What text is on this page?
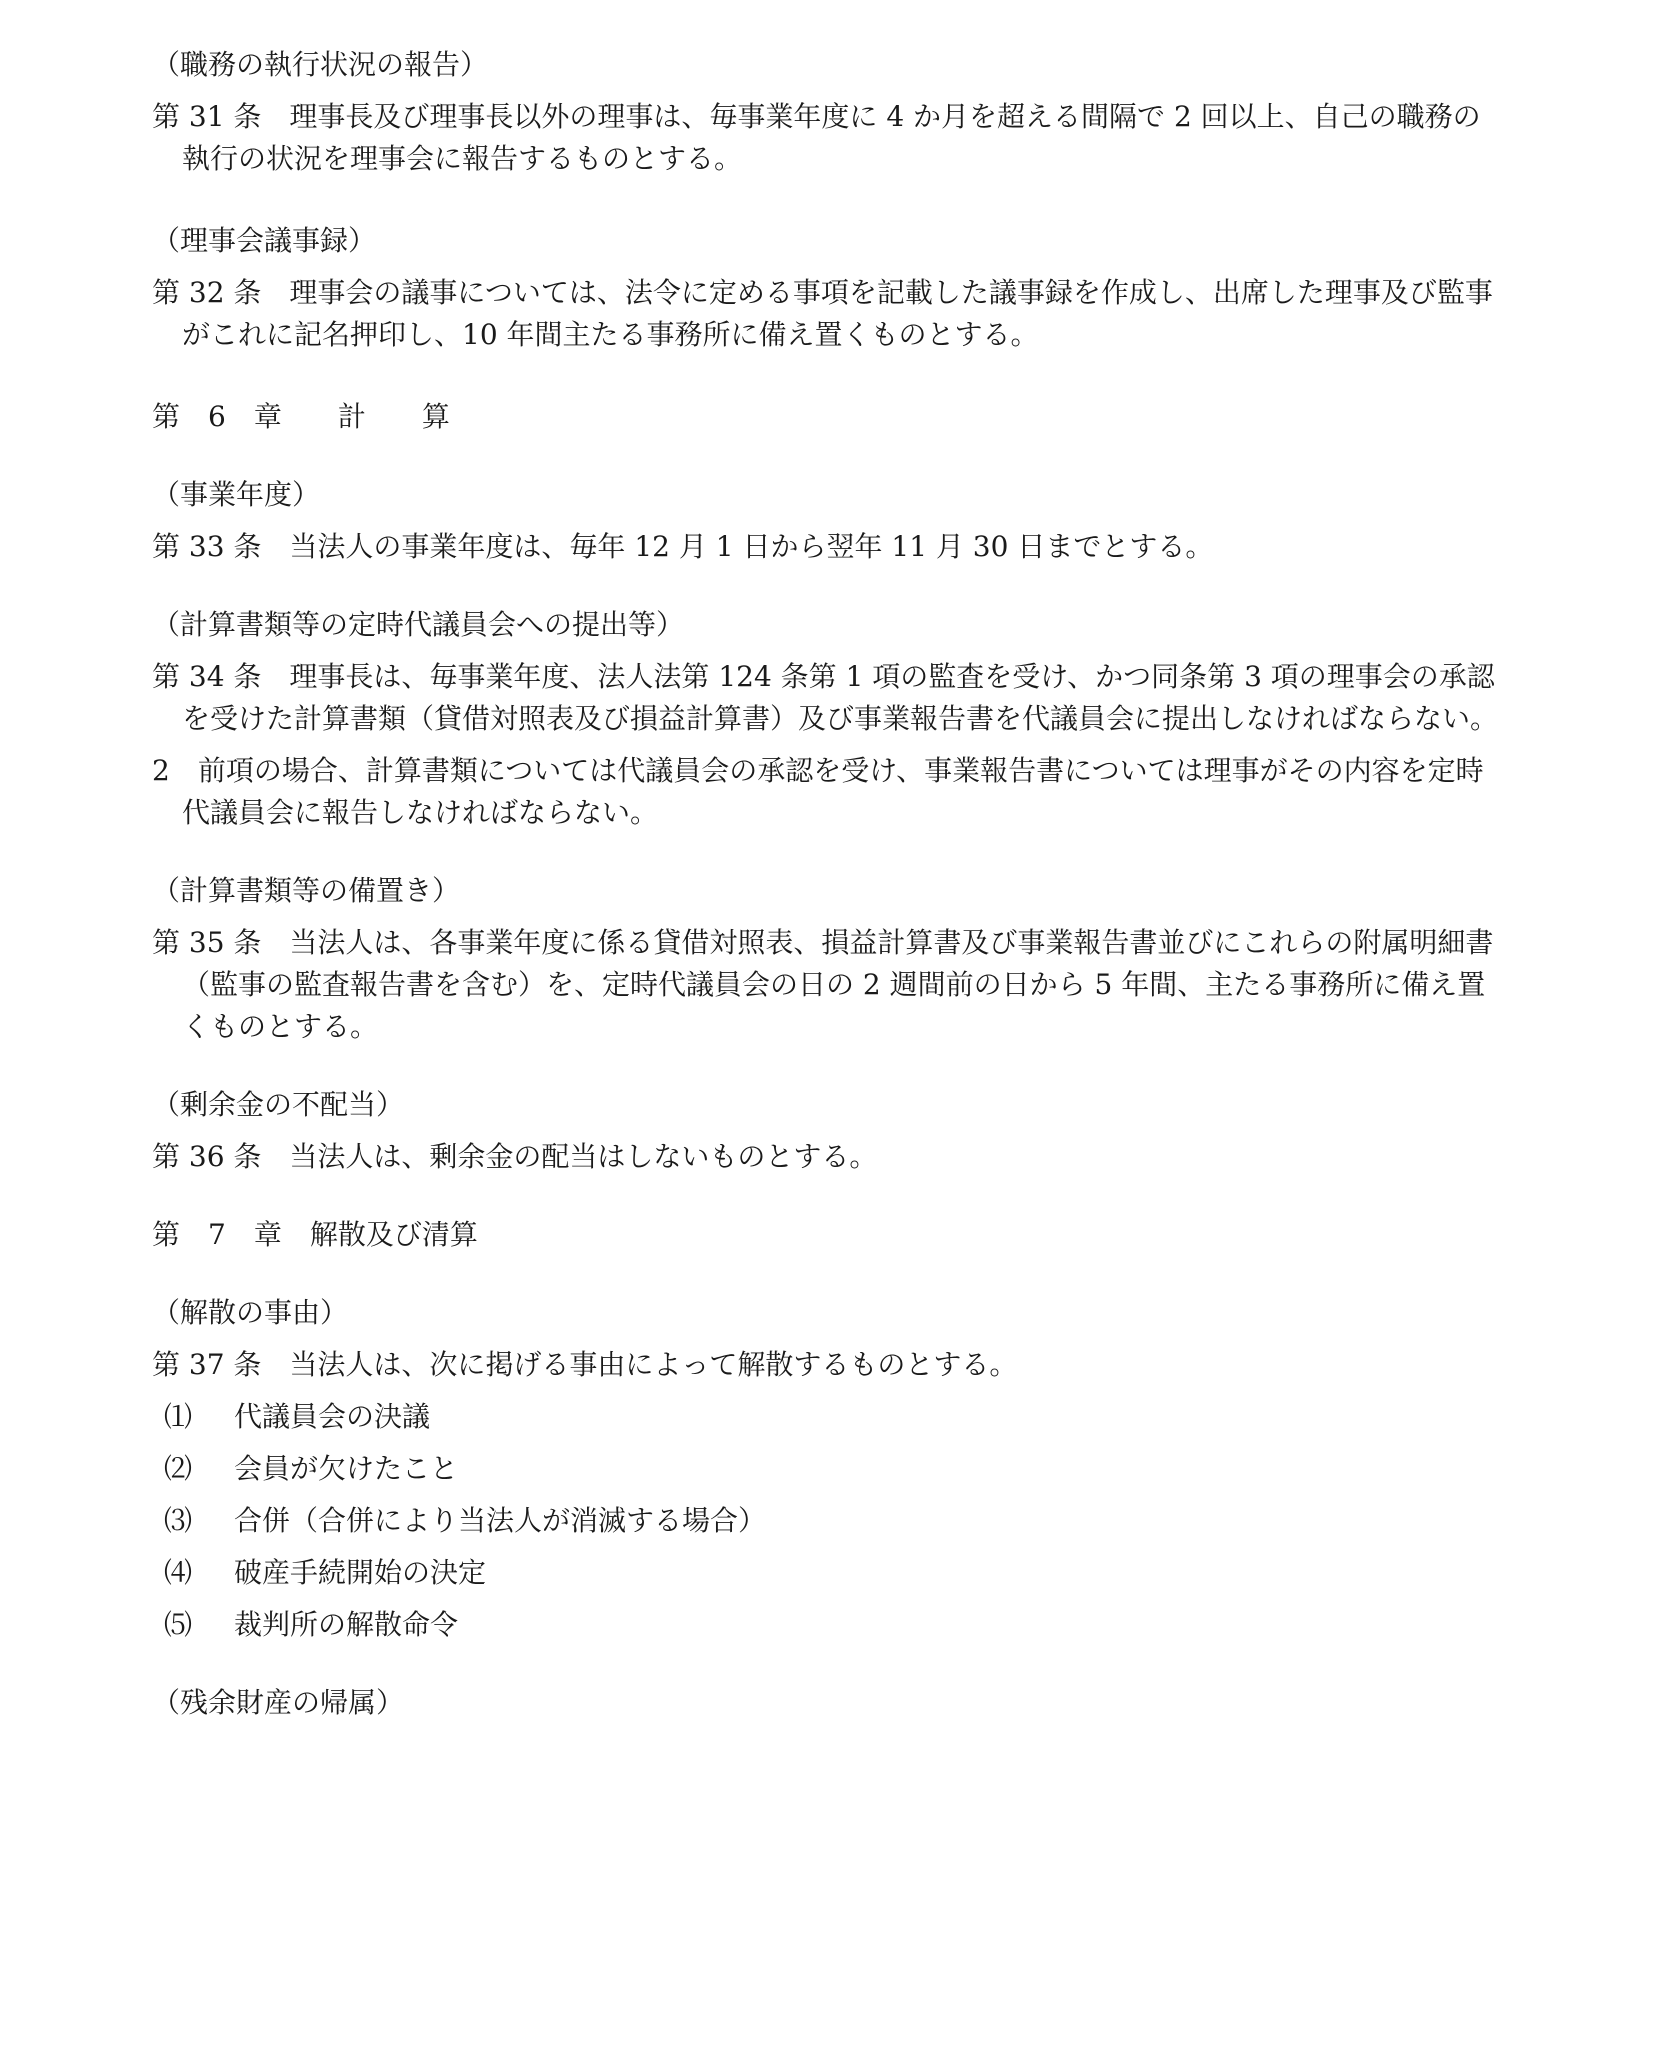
（職務の執行状況の報告）

第 31 条　理事長及び理事長以外の理事は、毎事業年度に 4 か月を超える間隔で 2 回以上、自己の職務の執行の状況を理事会に報告するものとする。

（理事会議事録）

第 32 条　理事会の議事については、法令に定める事項を記載した議事録を作成し、出席した理事及び監事がこれに記名押印し、10 年間主たる事務所に備え置くものとする。

第　6　章　　計　　算

（事業年度）

第 33 条　当法人の事業年度は、毎年 12 月 1 日から翌年 11 月 30 日までとする。

（計算書類等の定時代議員会への提出等）

第 34 条　理事長は、毎事業年度、法人法第 124 条第 1 項の監査を受け、かつ同条第 3 項の理事会の承認を受けた計算書類（貸借対照表及び損益計算書）及び事業報告書を代議員会に提出しなければならない。

2　前項の場合、計算書類については代議員会の承認を受け、事業報告書については理事がその内容を定時代議員会に報告しなければならない。

（計算書類等の備置き）

第 35 条　当法人は、各事業年度に係る貸借対照表、損益計算書及び事業報告書並びにこれらの附属明細書（監事の監査報告書を含む）を、定時代議員会の日の 2 週間前の日から 5 年間、主たる事務所に備え置くものとする。

（剰余金の不配当）

第 36 条　当法人は、剰余金の配当はしないものとする。

第　7　章　解散及び清算

（解散の事由）

第 37 条　当法人は、次に掲げる事由によって解散するものとする。

⑴ 代議員会の決議

⑵ 会員が欠けたこと

⑶ 合併（合併により当法人が消滅する場合）

⑷ 破産手続開始の決定

⑸ 裁判所の解散命令

（残余財産の帰属）
